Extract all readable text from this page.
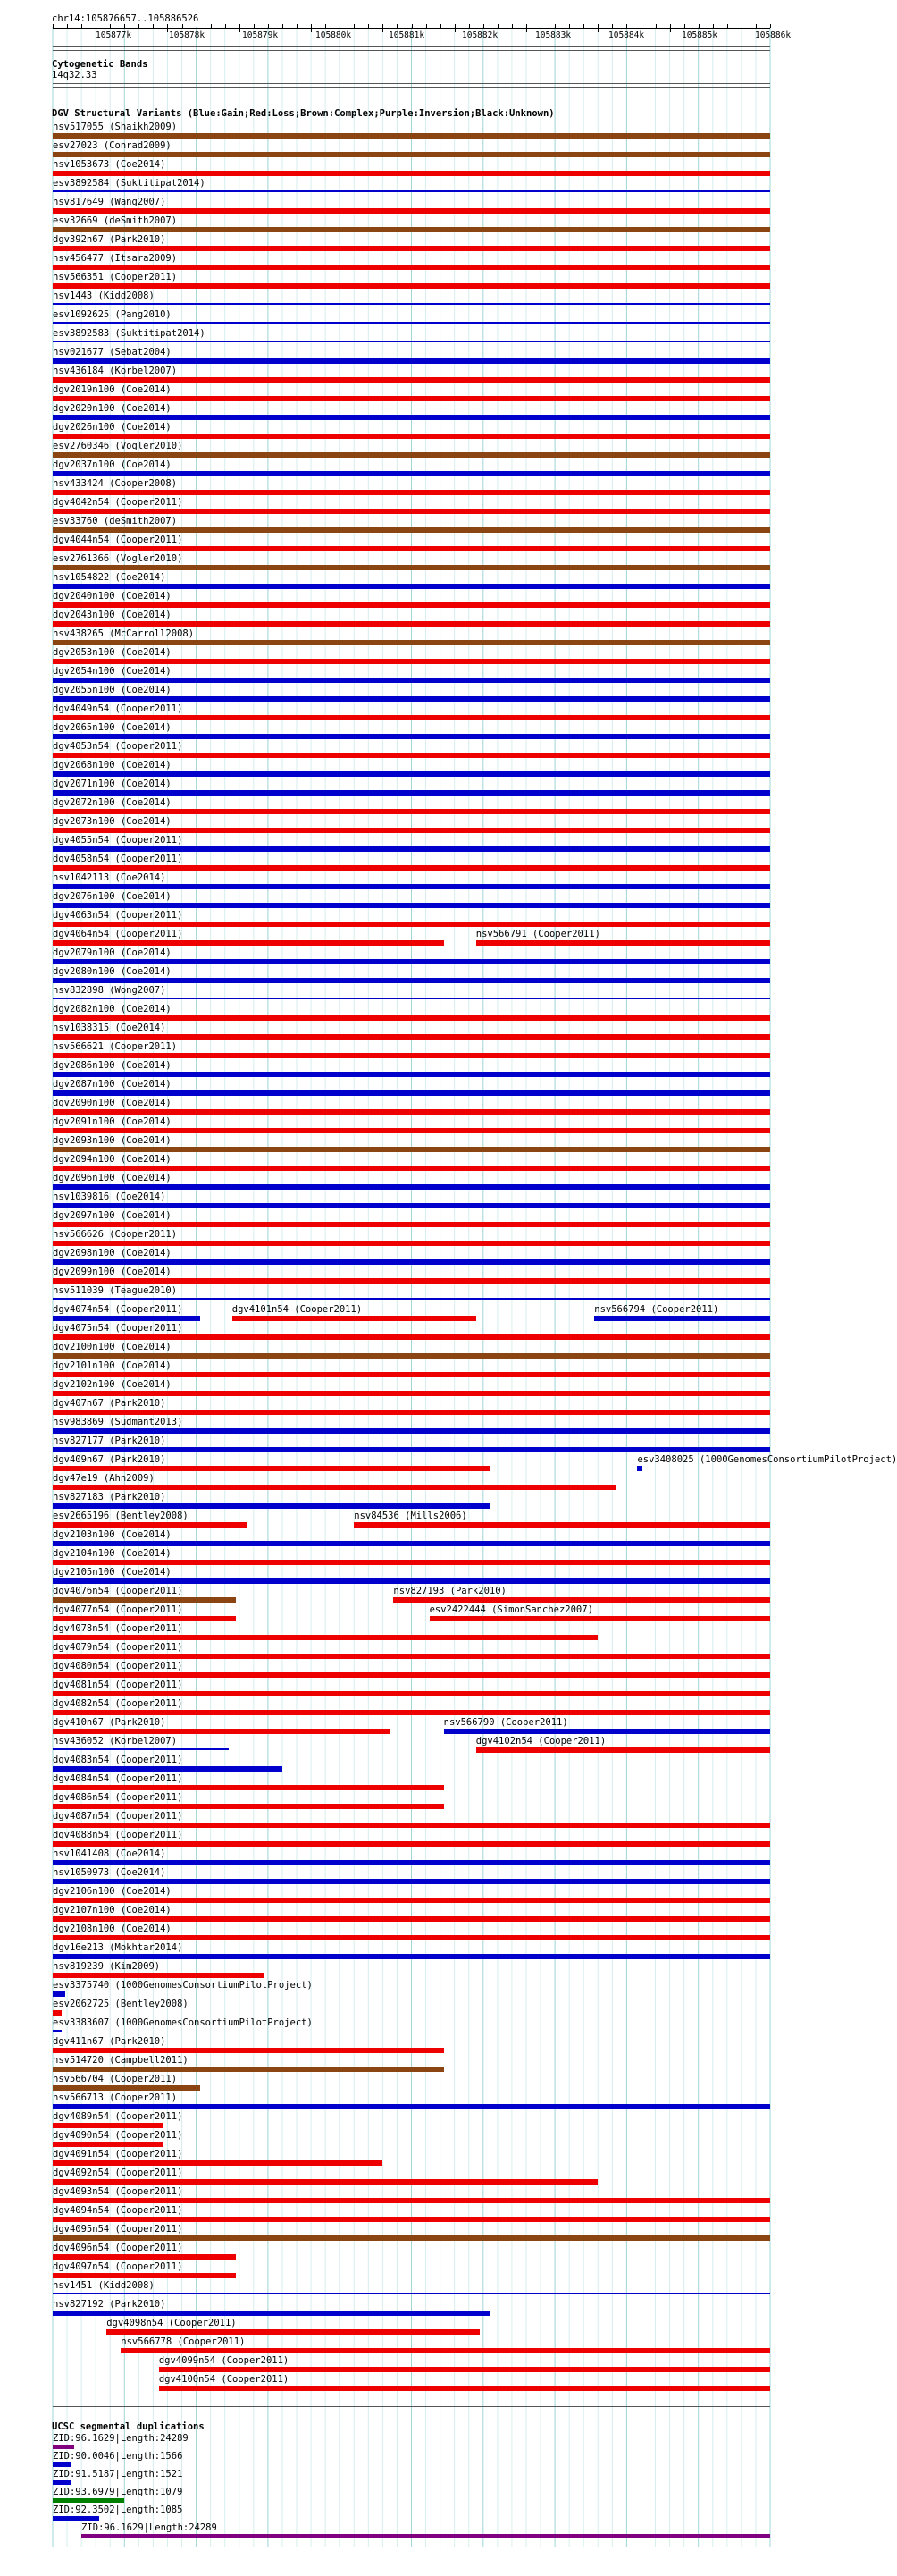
chr14:105876657..105886526
105877k	105878k	105879k	105880k	105881k	105882k	105883k	105884k	105885k	105886k
Cytogenetic Bands
14q32.33
DGV Structural Variants (Blue:Gain;Red:Loss;Brown:Complex;Purple:Inversion;Black:Unknown)
nsv517055 (Shaikh2009)
esv27023 (Conrad2009)
nsv1053673 (Coe2014)
esv3892584 (Suktitipat2014)
nsv817649 (Wang2007)
esv32669 (deSmith2007)
dgv392n67 (Park2010)
nsv456477 (Itsara2009)
nsv566351 (Cooper2011)
nsv1443 (Kidd2008)
esv1092625 (Pang2010)
esv3892583 (Suktitipat2014)
nsv021677 (Sebat2004)
nsv436184 (Korbel2007)
dgv2019n100 (Coe2014)
dgv2020n100 (Coe2014)
dgv2026n100 (Coe2014)
esv2760346 (Vogler2010)
dgv2037n100 (Coe2014)
nsv433424 (Cooper2008)
dgv4042n54 (Cooper2011)
esv33760 (deSmith2007)
dgv4044n54 (Cooper2011)
esv2761366 (Vogler2010)
nsv1054822 (Coe2014)
dgv2040n100 (Coe2014)
dgv2043n100 (Coe2014)
nsv438265 (McCarroll2008)
dgv2053n100 (Coe2014)
dgv2054n100 (Coe2014)
dgv2055n100 (Coe2014)
dgv4049n54 (Cooper2011)
dgv2065n100 (Coe2014)
dgv4053n54 (Cooper2011)
dgv2068n100 (Coe2014)
dgv2071n100 (Coe2014)
dgv2072n100 (Coe2014)
dgv2073n100 (Coe2014)
dgv4055n54 (Cooper2011)
dgv4058n54 (Cooper2011)
nsv1042113 (Coe2014)
dgv2076n100 (Coe2014)
dgv4063n54 (Cooper2011)
dgv4064n54 (Cooper2011)	nsv566791 (Cooper2011)
dgv2079n100 (Coe2014)
dgv2080n100 (Coe2014)
nsv832898 (Wong2007)
dgv2082n100 (Coe2014)
nsv1038315 (Coe2014)
nsv566621 (Cooper2011)
dgv2086n100 (Coe2014)
dgv2087n100 (Coe2014)
dgv2090n100 (Coe2014)
dgv2091n100 (Coe2014)
dgv2093n100 (Coe2014)
dgv2094n100 (Coe2014)
dgv2096n100 (Coe2014)
nsv1039816 (Coe2014)
dgv2097n100 (Coe2014)
nsv566626 (Cooper2011)
dgv2098n100 (Coe2014)
dgv2099n100 (Coe2014)
nsv511039 (Teague2010)
dgv4074n54 (Cooper2011)	dgv4101n54 (Cooper2011)	nsv566794 (Cooper2011)
dgv4075n54 (Cooper2011)
dgv2100n100 (Coe2014)
dgv2101n100 (Coe2014)
dgv2102n100 (Coe2014)
dgv407n67 (Park2010)
nsv983869 (Sudmant2013)
nsv827177 (Park2010)
dgv409n67 (Park2010)	esv3408025 (1000GenomesConsortiumPilotProject)
dgv47e19 (Ahn2009)
nsv827183 (Park2010)
esv2665196 (Bentley2008)	nsv84536 (Mills2006)
dgv2103n100 (Coe2014)
dgv2104n100 (Coe2014)
dgv2105n100 (Coe2014)
dgv4076n54 (Cooper2011)	nsv827193 (Park2010)
dgv4077n54 (Cooper2011)	esv2422444 (SimonSanchez2007)
dgv4078n54 (Cooper2011)
dgv4079n54 (Cooper2011)
dgv4080n54 (Cooper2011)
dgv4081n54 (Cooper2011)
dgv4082n54 (Cooper2011)
dgv410n67 (Park2010)	nsv566790 (Cooper2011)
nsv436052 (Korbel2007)	dgv4102n54 (Cooper2011)
dgv4083n54 (Cooper2011)
dgv4084n54 (Cooper2011)
dgv4086n54 (Cooper2011)
dgv4087n54 (Cooper2011)
dgv4088n54 (Cooper2011)
nsv1041408 (Coe2014)
nsv1050973 (Coe2014)
dgv2106n100 (Coe2014)
dgv2107n100 (Coe2014)
dgv2108n100 (Coe2014)
dgv16e213 (Mokhtar2014)
nsv819239 (Kim2009)
esv3375740 (1000GenomesConsortiumPilotProject)
esv2062725 (Bentley2008)
esv3383607 (1000GenomesConsortiumPilotProject)
dgv411n67 (Park2010)
nsv514720 (Campbell2011)
nsv566704 (Cooper2011)
nsv566713 (Cooper2011)
dgv4089n54 (Cooper2011)
dgv4090n54 (Cooper2011)
dgv4091n54 (Cooper2011)
dgv4092n54 (Cooper2011)
dgv4093n54 (Cooper2011)
dgv4094n54 (Cooper2011)
dgv4095n54 (Cooper2011)
dgv4096n54 (Cooper2011)
dgv4097n54 (Cooper2011)
nsv1451 (Kidd2008)
nsv827192 (Park2010)
dgv4098n54 (Cooper2011)
nsv566778 (Cooper2011)
dgv4099n54 (Cooper2011)
dgv4100n54 (Cooper2011)
UCSC segmental duplications
ZID:96.1629|Length:24289
ZID:90.0046|Length:1566
ZID:91.5187|Length:1521
ZID:93.6979|Length:1079
ZID:92.3502|Length:1085
ZID:96.1629|Length:24289
